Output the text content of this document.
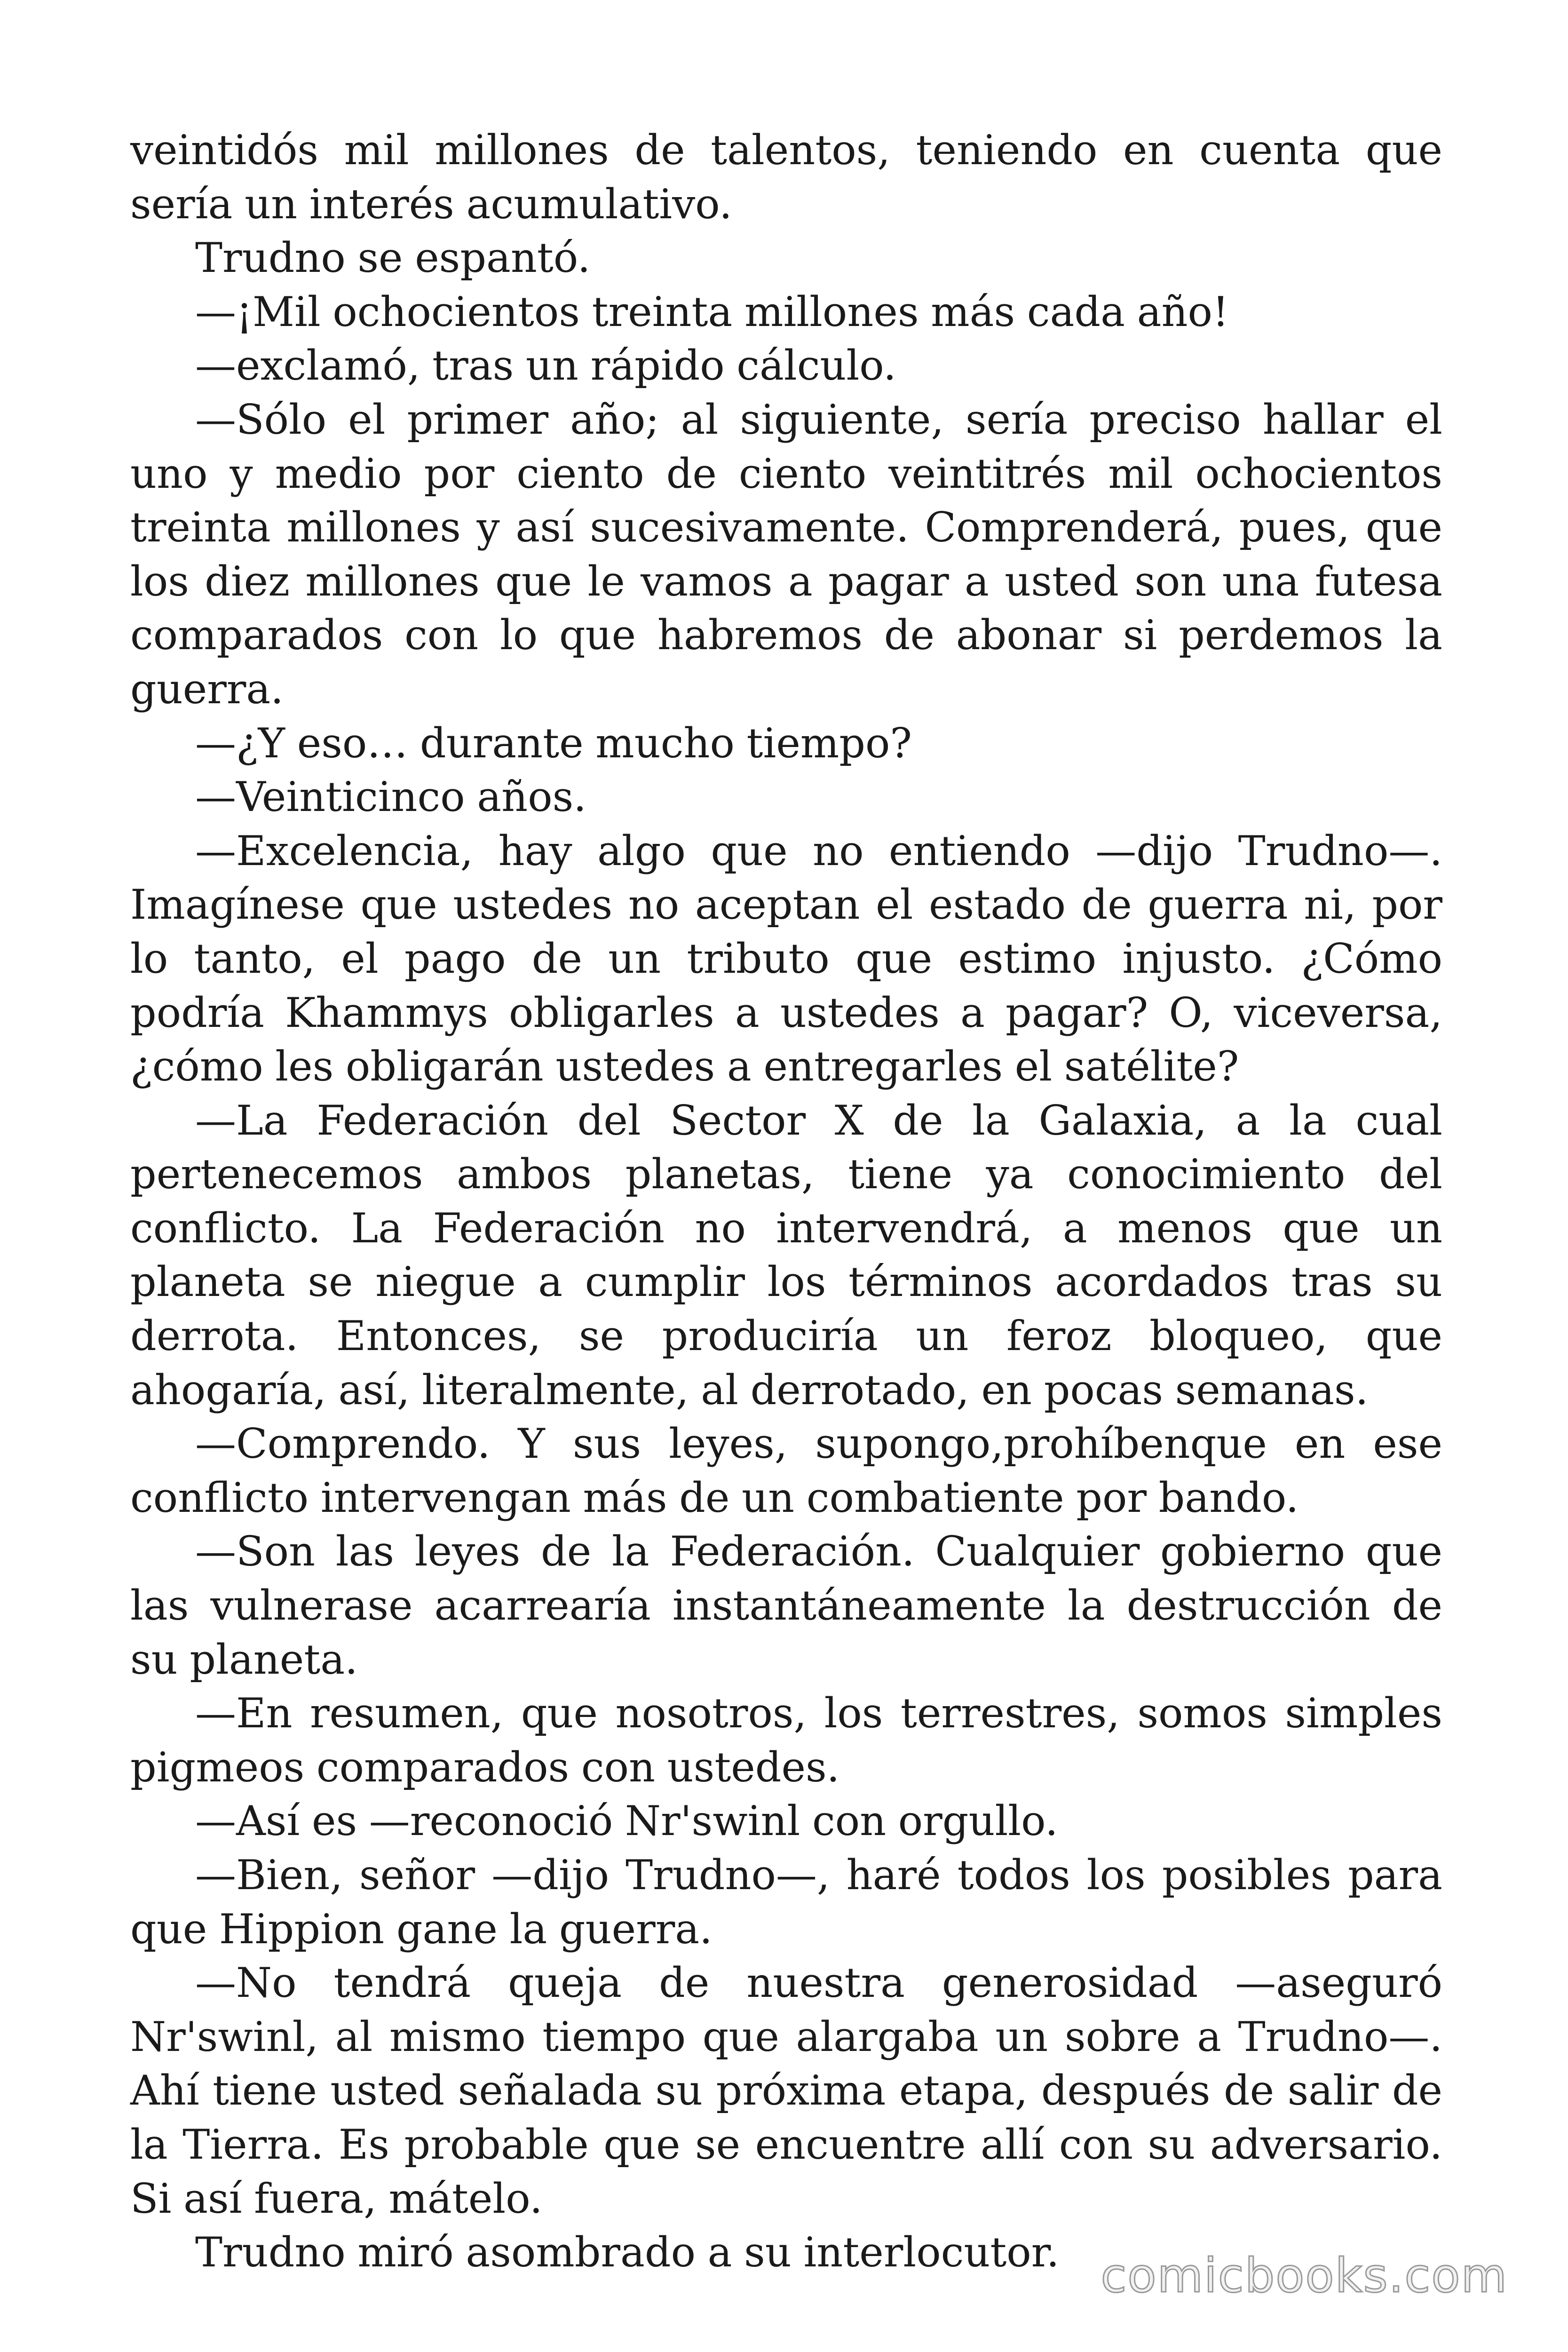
veintidós mil millones de talentos, teniendo en cuenta que sería un interés acumulativo.

Trudno se espantó.

—¡Mil ochocientos treinta millones más cada año!

—exclamó, tras un rápido cálculo.

—Sólo el primer año; al siguiente, sería preciso hallar el uno y medio por ciento de ciento veintitrés mil ochocientos treinta millones y así sucesivamente. Comprenderá, pues, que los diez millones que le vamos a pagar a usted son una futesa comparados con lo que habremos de abonar si perdemos la guerra.

—¿Y eso… durante mucho tiempo?

—Veinticinco años.

—Excelencia, hay algo que no entiendo —dijo Trudno—. Imagínese que ustedes no aceptan el estado de guerra ni, por lo tanto, el pago de un tributo que estimo injusto. ¿Cómo podría Khammys obligarles a ustedes a pagar? O, viceversa, ¿cómo les obligarán ustedes a entregarles el satélite?

—La Federación del Sector X de la Galaxia, a la cual pertenecemos ambos planetas, tiene ya conocimiento del conflicto. La Federación no intervendrá, a menos que un planeta se niegue a cumplir los términos acordados tras su derrota. Entonces, se produciría un feroz bloqueo, que ahogaría, así, literalmente, al derrotado, en pocas semanas.

—Comprendo. Y sus leyes, supongo,prohíbenque en ese conflicto intervengan más de un combatiente por bando.

—Son las leyes de la Federación. Cualquier gobierno que las vulnerase acarrearía instantáneamente la destrucción de su planeta.

—En resumen, que nosotros, los terrestres, somos simples pigmeos comparados con ustedes.

—Así es —reconoció Nr'swinl con orgullo.

—Bien, señor —dijo Trudno—, haré todos los posibles para que Hippion gane la guerra.

—No tendrá queja de nuestra generosidad —aseguró Nr'swinl, al mismo tiempo que alargaba un sobre a Trudno—. Ahí tiene usted señalada su próxima etapa, después de salir de la Tierra. Es probable que se encuentre allí con su adversario. Si así fuera, mátelo.

Trudno miró asombrado a su interlocutor. comicbooks.com
